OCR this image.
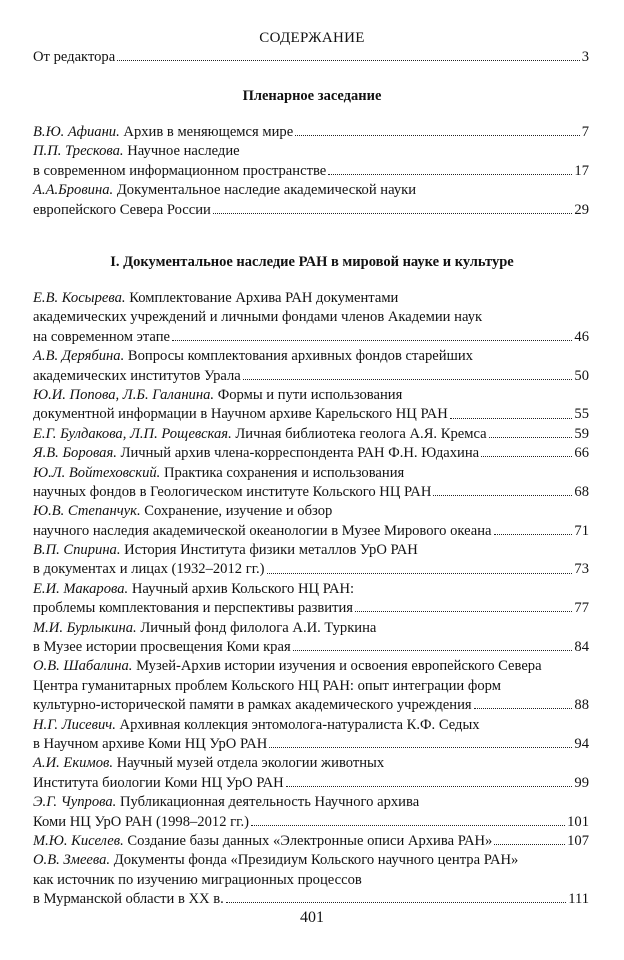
СОДЕРЖАНИЕ
От редактора	3
Пленарное заседание
В.Ю. Афиани. Архив в меняющемся мире	7
П.П. Трескова. Научное наследие
в современном информационном пространстве	17
А.А.Бровина. Документальное наследие академической науки
европейского Севера России	29
I. Документальное наследие РАН в мировой науке и культуре
Е.В. Косырева. Комплектование Архива РАН документами
академических учреждений и личными фондами членов Академии наук
на современном этапе	46
А.В. Дерябина. Вопросы комплектования архивных фондов старейших
академических институтов Урала	50
Ю.И. Попова, Л.Б. Галанина. Формы и пути использования
документной информации в Научном архиве Карельского НЦ РАН	55
Е.Г. Булдакова, Л.П. Рощевская. Личная библиотека геолога А.Я. Кремса	59
Я.В. Боровая. Личный архив члена-корреспондента РАН Ф.Н. Юдахина	66
Ю.Л. Войтеховский. Практика сохранения и использования
научных фондов в Геологическом институте Кольского НЦ РАН	68
Ю.В. Степанчук. Сохранение, изучение и обзор
научного наследия академической океанологии в Музее Мирового океана	71
В.П. Спирина. История Института физики металлов УрО РАН
в документах и лицах (1932–2012 гг.)	73
Е.И. Макарова. Научный архив Кольского НЦ РАН:
проблемы комплектования и перспективы развития	77
М.И. Бурлыкина. Личный фонд филолога А.И. Туркина
в Музее истории просвещения Коми края	84
О.В. Шабалина. Музей-Архив истории изучения и освоения европейского Севера
Центра гуманитарных проблем Кольского НЦ РАН: опыт интеграции форм
культурно-исторической памяти в рамках академического учреждения	88
Н.Г. Лисевич. Архивная коллекция энтомолога-натуралиста К.Ф. Седых
в Научном архиве Коми НЦ УрО РАН	94
А.И. Екимов. Научный музей отдела экологии животных
Института биологии Коми НЦ УрО РАН	99
Э.Г. Чупрова. Публикационная деятельность Научного архива
Коми НЦ УрО РАН (1998–2012 гг.)	101
М.Ю. Киселев. Создание базы данных «Электронные описи Архива РАН»	107
О.В. Змеева. Документы фонда «Президиум Кольского научного центра РАН»
как источник по изучению миграционных процессов
в Мурманской области в XX в.	111
401
